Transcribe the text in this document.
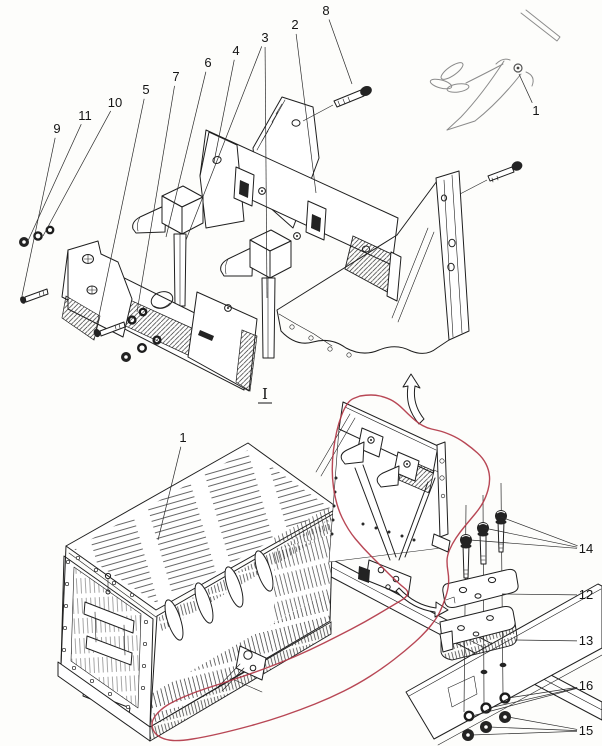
I
9
11
10
5
7
6
4
3
2
8
1
1
14
12
13
16
15
